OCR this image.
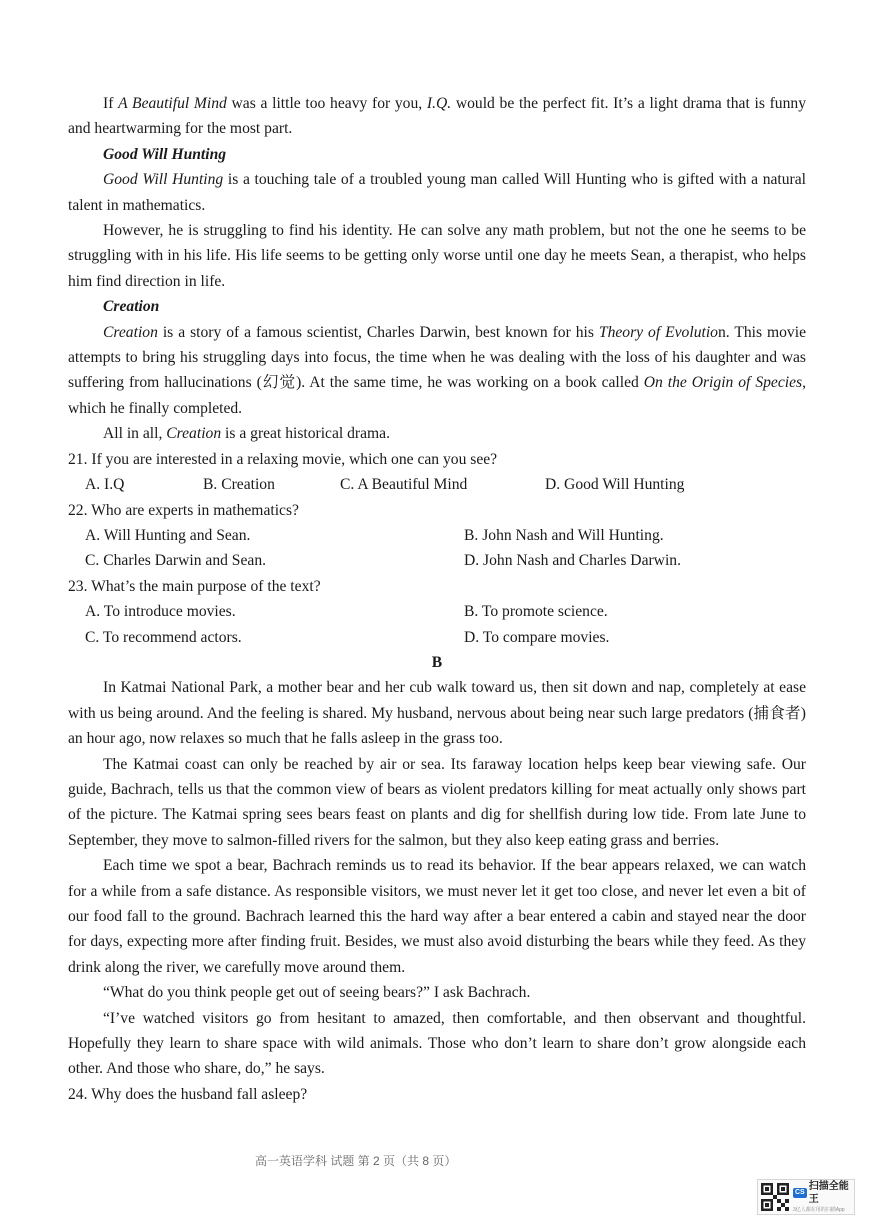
If A Beautiful Mind was a little too heavy for you, I.Q. would be the perfect fit. It’s a light drama that is funny and heartwarming for the most part.

Good Will Hunting

Good Will Hunting is a touching tale of a troubled young man called Will Hunting who is gifted with a natural talent in mathematics.

However, he is struggling to find his identity. He can solve any math problem, but not the one he seems to be struggling with in his life. His life seems to be getting only worse until one day he meets Sean, a therapist, who helps him find direction in life.

Creation

Creation is a story of a famous scientist, Charles Darwin, best known for his Theory of Evolution. This movie attempts to bring his struggling days into focus, the time when he was dealing with the loss of his daughter and was suffering from hallucinations (幻觉). At the same time, he was working on a book called On the Origin of Species, which he finally completed.

All in all, Creation is a great historical drama.

21. If you are interested in a relaxing movie, which one can you see?

A. I.Q	B. Creation	C. A Beautiful Mind	D. Good Will Hunting

22. Who are experts in mathematics?

A. Will Hunting and Sean.	B. John Nash and Will Hunting.
C. Charles Darwin and Sean.	D. John Nash and Charles Darwin.

23. What’s the main purpose of the text?

A. To introduce movies.	B. To promote science.
C. To recommend actors.	D. To compare movies.

B

In Katmai National Park, a mother bear and her cub walk toward us, then sit down and nap, completely at ease with us being around. And the feeling is shared. My husband, nervous about being near such large predators (捕食者) an hour ago, now relaxes so much that he falls asleep in the grass too.

The Katmai coast can only be reached by air or sea. Its faraway location helps keep bear viewing safe. Our guide, Bachrach, tells us that the common view of bears as violent predators killing for meat actually only shows part of the picture. The Katmai spring sees bears feast on plants and dig for shellfish during low tide. From late June to September, they move to salmon-filled rivers for the salmon, but they also keep eating grass and berries.

Each time we spot a bear, Bachrach reminds us to read its behavior. If the bear appears relaxed, we can watch for a while from a safe distance. As responsible visitors, we must never let it get too close, and never let even a bit of our food fall to the ground. Bachrach learned this the hard way after a bear entered a cabin and stayed near the door for days, expecting more after finding fruit. Besides, we must also avoid disturbing the bears while they feed. As they drink along the river, we carefully move around them.

“What do you think people get out of seeing bears?” I ask Bachrach.

“I’ve watched visitors go from hesitant to amazed, then comfortable, and then observant and thoughtful. Hopefully they learn to share space with wild animals. Those who don’t learn to share don’t grow alongside each other. And those who share, do,” he says.

24. Why does the husband fall asleep?

高一英语学科 试题 第 2 页（共 8 页）
CS
扫描全能王
3亿人都在用的扫描App
